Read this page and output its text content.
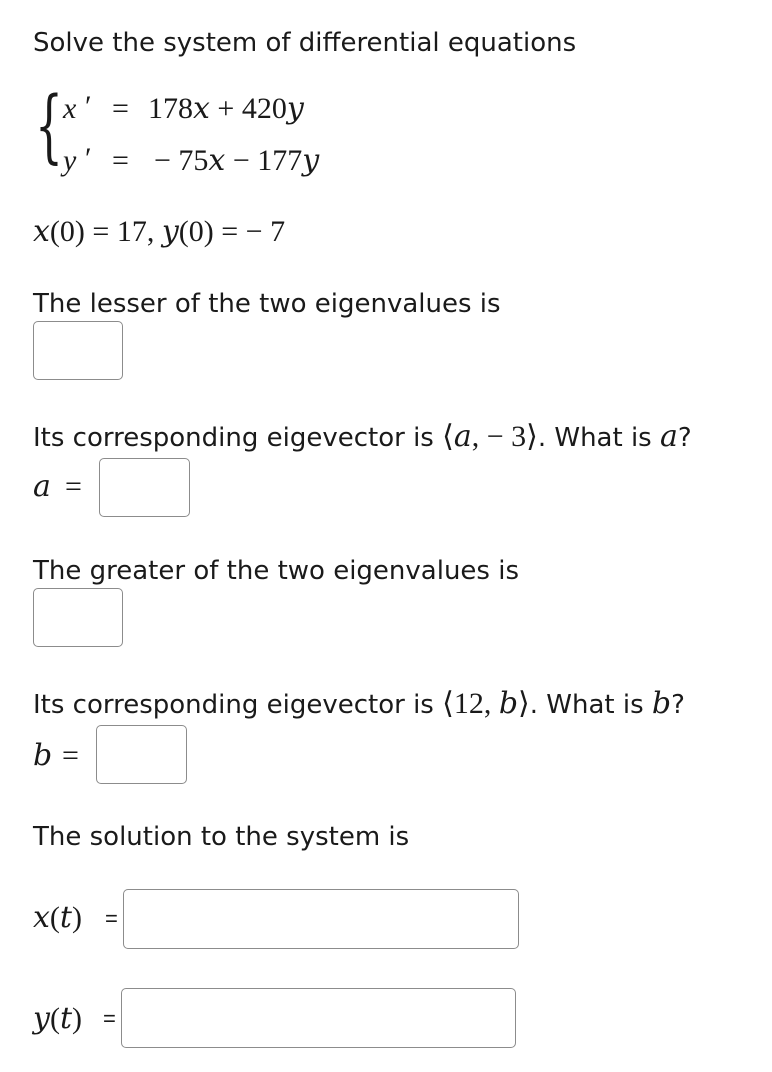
Solve the system of differential equations
{ x ′ = 178𝑥 + 420𝑦
y ′ = − 75𝑥 − 177𝑦
𝑥(0) = 17, 𝑦(0) = − 7
The lesser of the two eigenvalues is
Its corresponding eigevector is ⟨𝑎, − 3⟩. What is 𝑎?
𝑎 =
The greater of the two eigenvalues is
Its corresponding eigevector is ⟨12, 𝑏⟩. What is 𝑏?
𝑏 =
The solution to the system is
𝑥(𝑡) =
𝑦(𝑡) =
